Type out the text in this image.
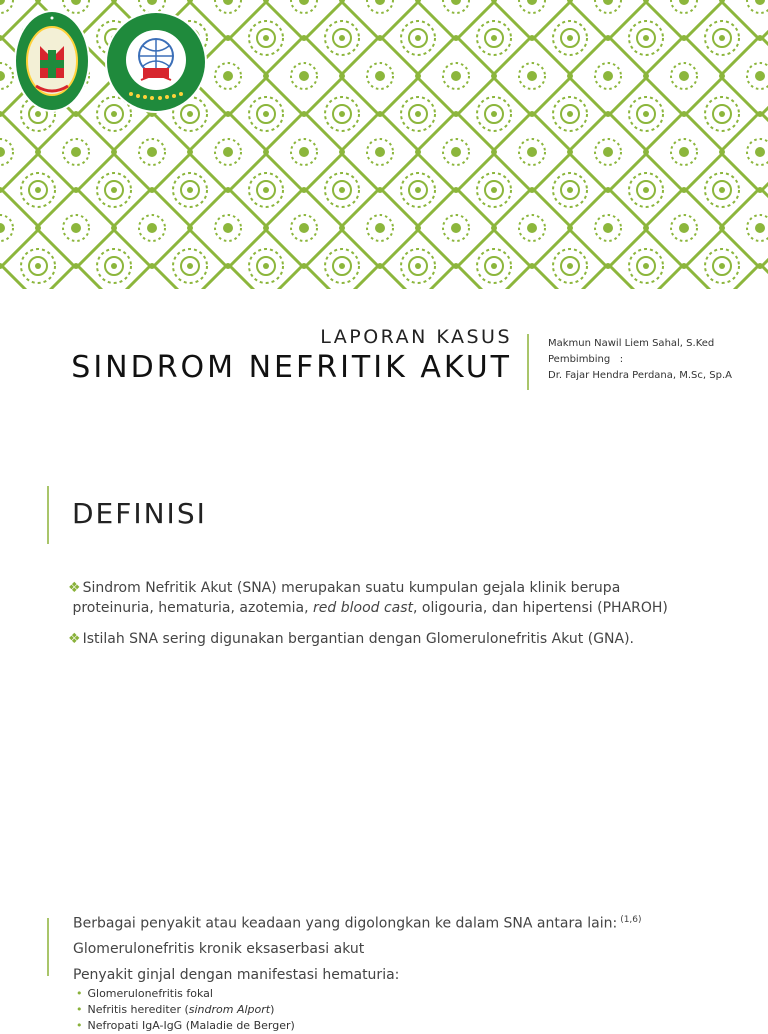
LAPORAN KASUS
SINDROM NEFRITIK AKUT
Makmun Nawil Liem Sahal, S.Ked
Pembimbing   :
Dr. Fajar Hendra Perdana, M.Sc, Sp.A
DEFINISI
❖ Sindrom Nefritik Akut (SNA) merupakan suatu kumpulan gejala klinik berupa
proteinuria, hematuria, azotemia, red blood cast, oligouria, dan hipertensi (PHAROH)
❖ Istilah SNA sering digunakan bergantian dengan Glomerulonefritis Akut (GNA).
Berbagai penyakit atau keadaan yang digolongkan ke dalam SNA antara lain: $^{(1,6)}$
Glomerulonefritis kronik eksaserbasi akut
Penyakit ginjal dengan manifestasi hematuria:
• Glomerulonefritis fokal
• Nefritis herediter (sindrom Alport)
• Nefropati IgA-IgG (Maladie de Berger)
